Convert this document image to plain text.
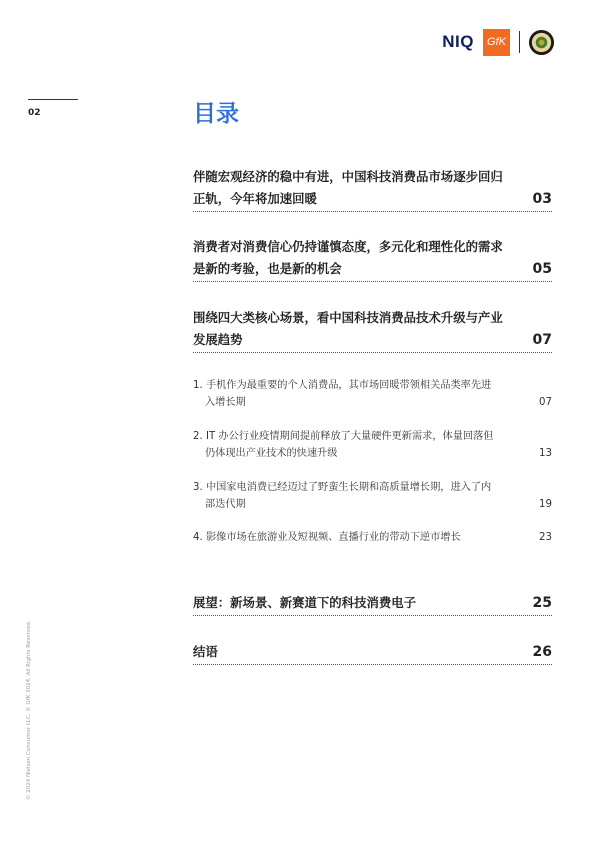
NIQ	GfK
02	目录
伴随宏观经济的稳中有进，中国科技消费品市场逐步回归
正轨，今年将加速回暖	03
消费者对消费信心仍持谨慎态度，多元化和理性化的需求
是新的考验，也是新的机会	05
围绕四大类核心场景，看中国科技消费品技术升级与产业
发展趋势	07
1. 手机作为最重要的个人消费品，其市场回暖带领相关品类率先进
入增长期	07
2. IT 办公行业疫情期间提前释放了大量硬件更新需求，体量回落但
仍体现出产业技术的快速升级	13
3. 中国家电消费已经迈过了野蛮生长期和高质量增长期，进入了内
部迭代期	19
4. 影像市场在旅游业及短视频、直播行业的带动下逆市增长	23
展望：新场景、新赛道下的科技消费电子	25
结语	26
© 2024 Nielsen Consumer LLC. © GfK 2024. All Rights Reserved.
